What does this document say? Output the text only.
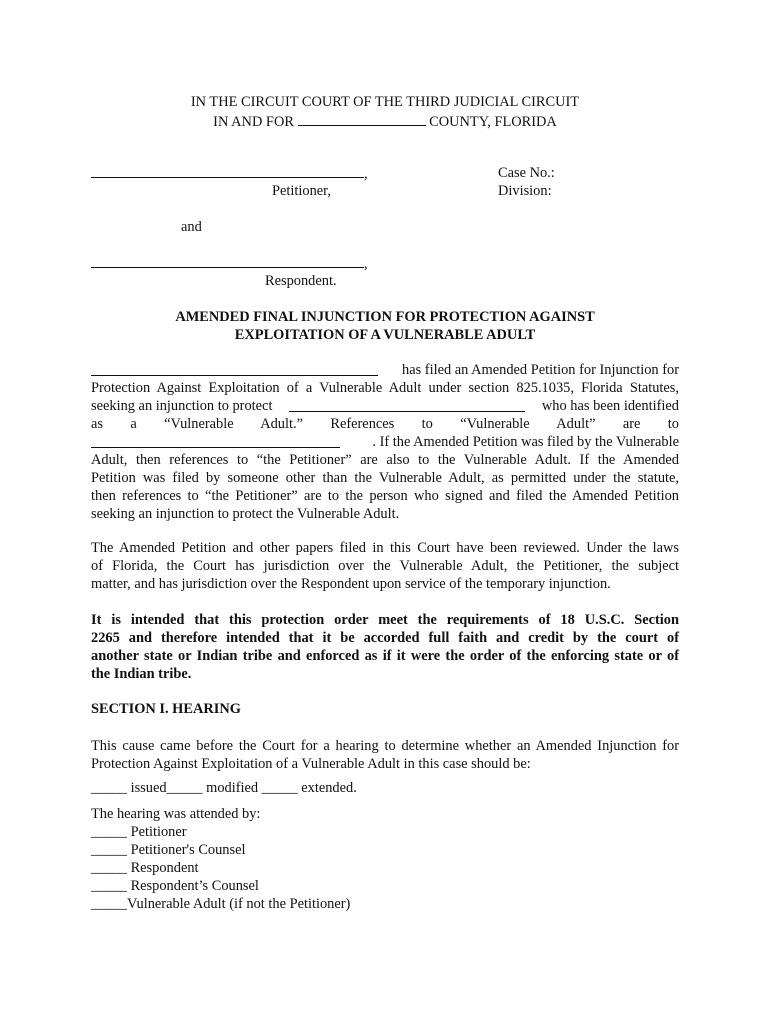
IN THE CIRCUIT COURT OF THE THIRD JUDICIAL CIRCUIT
IN AND FOR	COUNTY, FLORIDA
,
Petitioner,
Case No.:
Division:
and
,
Respondent.
AMENDED FINAL INJUNCTION FOR PROTECTION AGAINST
EXPLOITATION OF A VULNERABLE ADULT
has filed an Amended Petition for Injunction for
Protection Against Exploitation of a Vulnerable Adult under section 825.1035, Florida Statutes,
seeking an injunction to protect	who has been identified
as a “Vulnerable Adult.” References to “Vulnerable Adult” are to
. If the Amended Petition was filed by the Vulnerable
Adult, then references to “the Petitioner” are also to the Vulnerable Adult. If the Amended
Petition was filed by someone other than the Vulnerable Adult, as permitted under the statute,
then references to “the Petitioner” are to the person who signed and filed the Amended Petition
seeking an injunction to protect the Vulnerable Adult.
The Amended Petition and other papers filed in this Court have been reviewed. Under the laws
of Florida, the Court has jurisdiction over the Vulnerable Adult, the Petitioner, the subject
matter, and has jurisdiction over the Respondent upon service of the temporary injunction.
It is intended that this protection order meet the requirements of 18 U.S.C. Section
2265 and therefore intended that it be accorded full faith and credit by the court of
another state or Indian tribe and enforced as if it were the order of the enforcing state or of
the Indian tribe.
SECTION I. HEARING
This cause came before the Court for a hearing to determine whether an Amended Injunction for
Protection Against Exploitation of a Vulnerable Adult in this case should be:
_____ issued_____ modified _____ extended.
The hearing was attended by:
_____ Petitioner
_____ Petitioner's Counsel
_____ Respondent
_____ Respondent’s Counsel
_____Vulnerable Adult (if not the Petitioner)
